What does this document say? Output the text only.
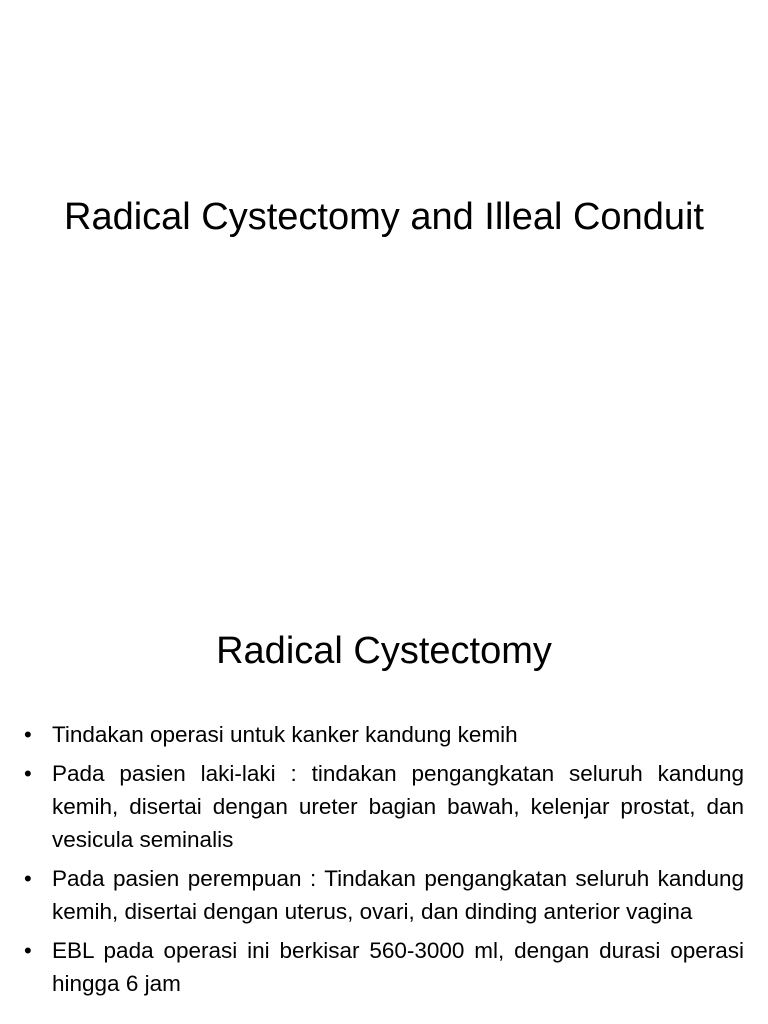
Radical Cystectomy and Illeal Conduit
Radical Cystectomy
• Tindakan operasi untuk kanker kandung kemih
• Pada pasien laki-laki : tindakan pengangkatan seluruh kandung kemih, disertai dengan ureter bagian bawah, kelenjar prostat, dan vesicula seminalis
• Pada pasien perempuan : Tindakan pengangkatan seluruh kandung kemih, disertai dengan uterus, ovari, dan dinding anterior vagina
• EBL pada operasi ini berkisar 560-3000 ml, dengan durasi operasi hingga 6 jam
